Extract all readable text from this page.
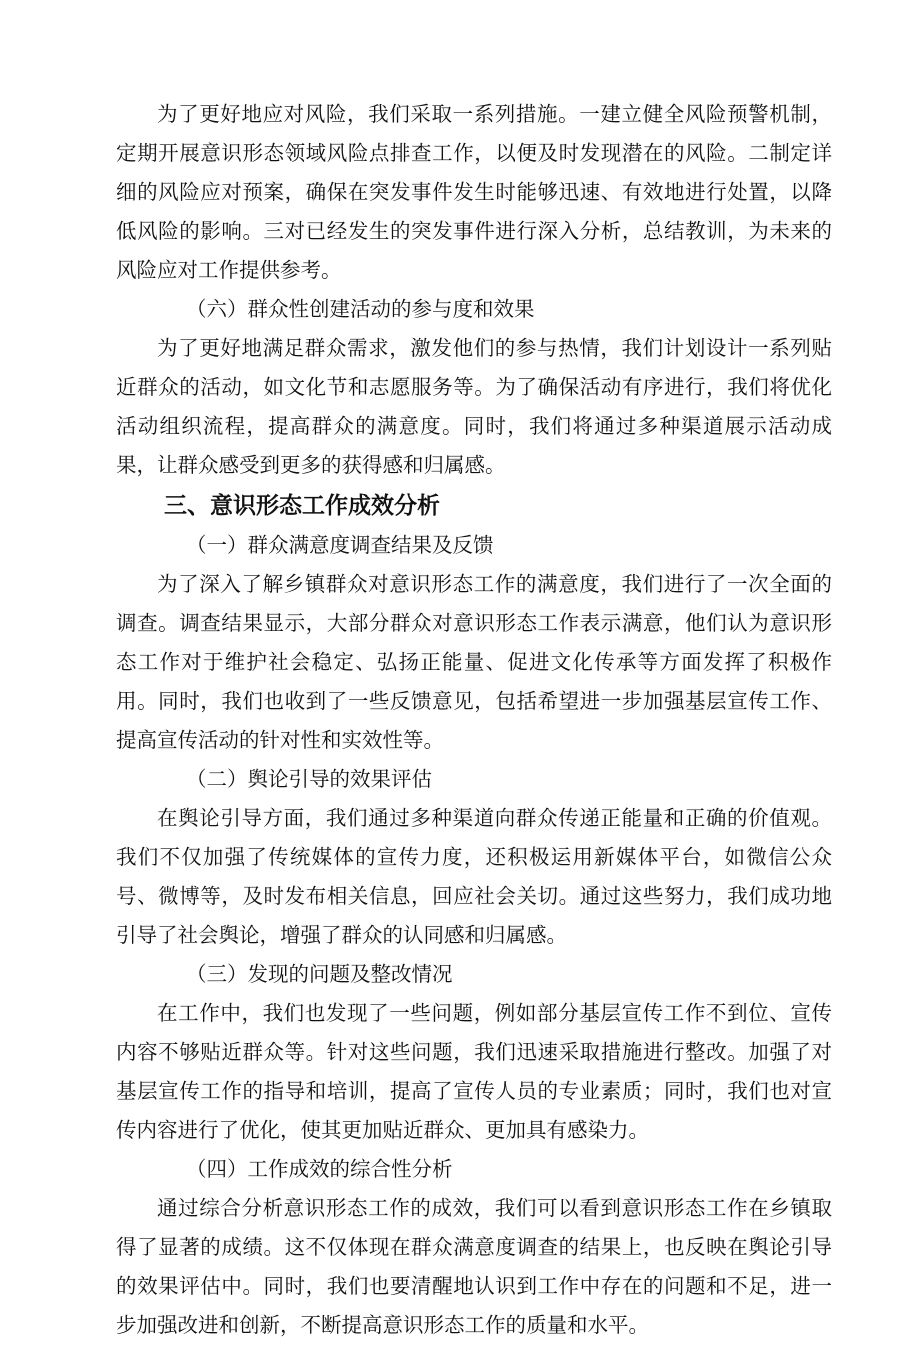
为了更好地应对风险，我们采取一系列措施。一建立健全风险预警机制，定期开展意识形态领域风险点排查工作，以便及时发现潜在的风险。二制定详细的风险应对预案，确保在突发事件发生时能够迅速、有效地进行处置，以降低风险的影响。三对已经发生的突发事件进行深入分析，总结教训，为未来的风险应对工作提供参考。

（六）群众性创建活动的参与度和效果

为了更好地满足群众需求，激发他们的参与热情，我们计划设计一系列贴近群众的活动，如文化节和志愿服务等。为了确保活动有序进行，我们将优化活动组织流程，提高群众的满意度。同时，我们将通过多种渠道展示活动成果，让群众感受到更多的获得感和归属感。

三、意识形态工作成效分析

（一）群众满意度调查结果及反馈

为了深入了解乡镇群众对意识形态工作的满意度，我们进行了一次全面的调查。调查结果显示，大部分群众对意识形态工作表示满意，他们认为意识形态工作对于维护社会稳定、弘扬正能量、促进文化传承等方面发挥了积极作用。同时，我们也收到了一些反馈意见，包括希望进一步加强基层宣传工作、提高宣传活动的针对性和实效性等。

（二）舆论引导的效果评估

在舆论引导方面，我们通过多种渠道向群众传递正能量和正确的价值观。我们不仅加强了传统媒体的宣传力度，还积极运用新媒体平台，如微信公众号、微博等，及时发布相关信息，回应社会关切。通过这些努力，我们成功地引导了社会舆论，增强了群众的认同感和归属感。

（三）发现的问题及整改情况

在工作中，我们也发现了一些问题，例如部分基层宣传工作不到位、宣传内容不够贴近群众等。针对这些问题，我们迅速采取措施进行整改。加强了对基层宣传工作的指导和培训，提高了宣传人员的专业素质；同时，我们也对宣传内容进行了优化，使其更加贴近群众、更加具有感染力。

（四）工作成效的综合性分析

通过综合分析意识形态工作的成效，我们可以看到意识形态工作在乡镇取得了显著的成绩。这不仅体现在群众满意度调查的结果上，也反映在舆论引导的效果评估中。同时，我们也要清醒地认识到工作中存在的问题和不足，进一步加强改进和创新，不断提高意识形态工作的质量和水平。
